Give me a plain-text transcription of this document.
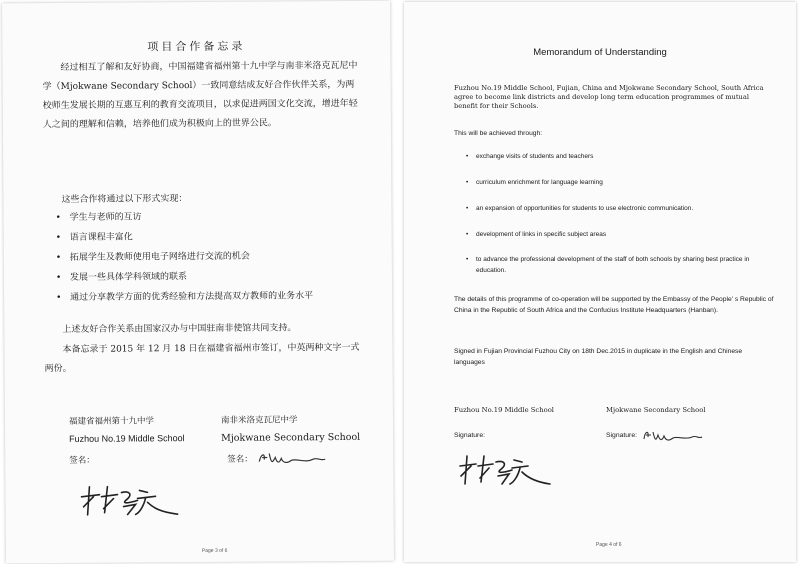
项目合作备忘录
经过相互了解和友好协商，中国福建省福州第十九中学与南非米洛克瓦尼中学（Mjokwane Secondary School）一致同意结成友好合作伙伴关系，为两校师生发展长期的互惠互利的教育交流项目，以求促进两国文化交流，增进年轻人之间的理解和信赖，培养他们成为积极向上的世界公民。
这些合作将通过以下形式实现：
• 学生与老师的互访
• 语言课程丰富化
• 拓展学生及教师使用电子网络进行交流的机会
• 发展一些具体学科领域的联系
• 通过分享教学方面的优秀经验和方法提高双方教师的业务水平
上述友好合作关系由国家汉办与中国驻南非使馆共同支持。
本备忘录于 2015 年 12 月 18 日在福建省福州市签订，中英两种文字一式两份。
福建省福州第十九中学
Fuzhou No.19 Middle School
签名：
南非米洛克瓦尼中学
Mjokwane Secondary School
签名：
Page 3 of 6
Memorandum of Understanding
Fuzhou No.19 Middle School, Fujian, China and Mjokwane Secondary School, South Africa agree to become link districts and develop long term education programmes of mutual benefit for their Schools.
This will be achieved through:
• exchange visits of students and teachers
• curriculum enrichment for language learning
• an expansion of opportunities for students to use electronic communication.
• development of links in specific subject areas
• to advance the professional development of the staff of both schools by sharing best practice in education.
The details of this programme of co-operation will be supported by the Embassy of the People' s Republic of China in the Republic of South Africa and the Confucius Institute Headquarters (Hanban).
Signed in Fujian Provincial Fuzhou City on 18th Dec.2015 in duplicate in the English and Chinese languages
Fuzhou No.19 Middle School	Mjokwane Secondary School
Signature:	Signature:
Page 4 of 6
